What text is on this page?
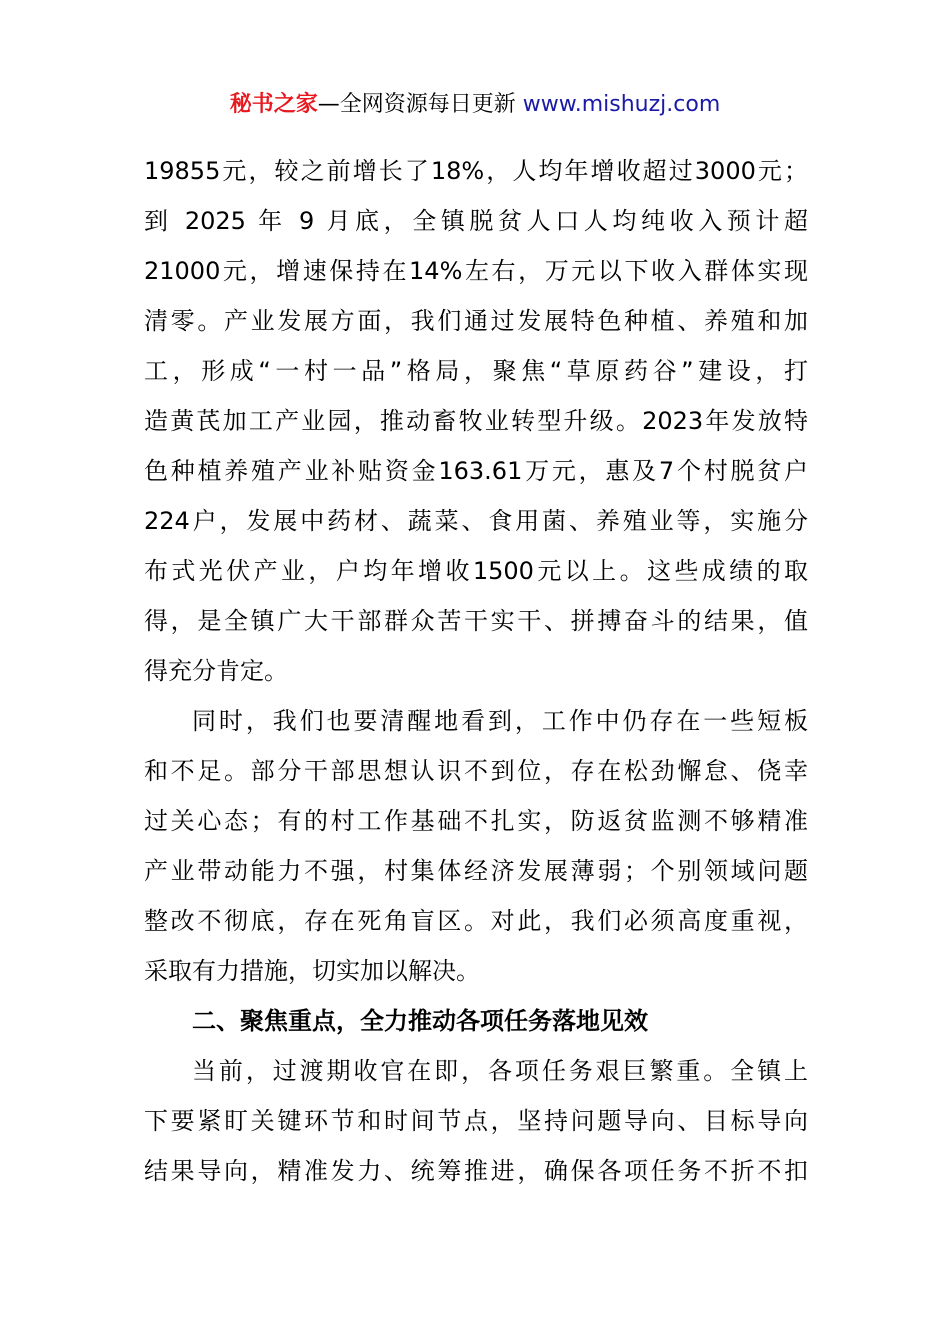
秘书之家—全网资源每日更新 www.mishuzj.com
19855元，较之前增长了18%，人均年增收超过3000元；
到 2025 年 9 月底，全镇脱贫人口人均纯收入预计超
21000元，增速保持在14%左右，万元以下收入群体实现
清零。产业发展方面，我们通过发展特色种植、养殖和加
工，形成“一村一品”格局，聚焦“草原药谷”建设，打
造黄芪加工产业园，推动畜牧业转型升级。2023年发放特
色种植养殖产业补贴资金163.61万元，惠及7个村脱贫户
224户，发展中药材、蔬菜、食用菌、养殖业等，实施分
布式光伏产业，户均年增收1500元以上。这些成绩的取
得，是全镇广大干部群众苦干实干、拼搏奋斗的结果，值
得充分肯定。
同时，我们也要清醒地看到，工作中仍存在一些短板
和不足。部分干部思想认识不到位，存在松劲懈怠、侥幸
过关心态；有的村工作基础不扎实，防返贫监测不够精准
产业带动能力不强，村集体经济发展薄弱；个别领域问题
整改不彻底，存在死角盲区。对此，我们必须高度重视，
采取有力措施，切实加以解决。
二、聚焦重点，全力推动各项任务落地见效
当前，过渡期收官在即，各项任务艰巨繁重。全镇上
下要紧盯关键环节和时间节点，坚持问题导向、目标导向
结果导向，精准发力、统筹推进，确保各项任务不折不扣
